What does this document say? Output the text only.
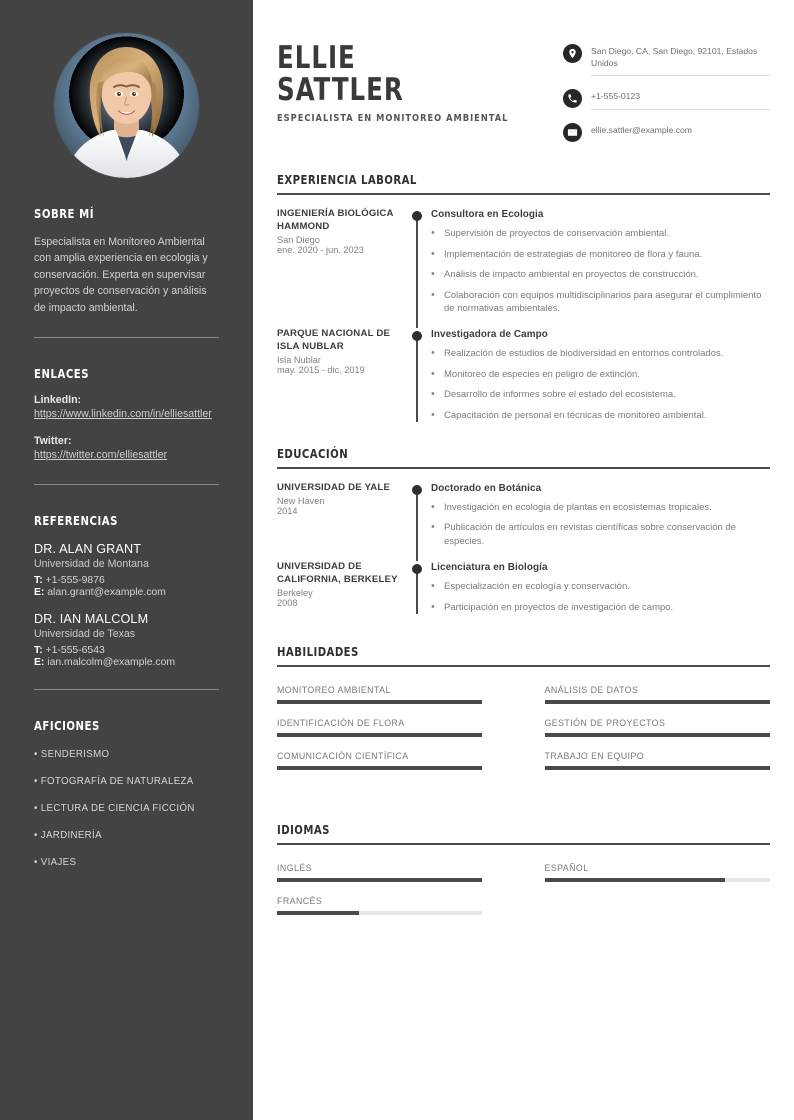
SOBRE MÍ
Especialista en Monitoreo Ambiental con amplia experiencia en ecologia y conservación. Experta en supervisar proyectos de conservación y análisis de impacto ambiental.
ENLACES
LinkedIn:
https://www.linkedin.com/in/elliesattler
Twitter:
https://twitter.com/elliesattler
REFERENCIAS
DR. ALAN GRANT
Universidad de Montana
T: +1-555-9876
E: alan.grant@example.com
DR. IAN MALCOLM
Universidad de Texas
T: +1-555-6543
E: ian.malcolm@example.com
AFICIONES
• SENDERISMO
• FOTOGRAFÍA DE NATURALEZA
• LECTURA DE CIENCIA FICCIÓN
• JARDINERÍA
• VIAJES
ELLIE
SATTLER
ESPECIALISTA EN MONITOREO AMBIENTAL
San Diego, CA, San Diego, 92101, Estados Unidos
+1-555-0123
ellie.sattler@example.com
EXPERIENCIA LABORAL
INGENIERÍA BIOLÓGICA HAMMOND
San Diego
ene. 2020 - jun. 2023
Consultora en Ecologia
• Supervisión de proyectos de conservación ambiental.
• Implementación de estrategias de monitoreo de flora y fauna.
• Análisis de impacto ambiental en proyectos de construcción.
• Colaboración con equipos multidisciplinarios para asegurar el cumplimiento de normativas ambientales.
PARQUE NACIONAL DE ISLA NUBLAR
Isla Nublar
may. 2015 - dic. 2019
Investigadora de Campo
• Realización de estudios de biodiversidad en entornos controlados.
• Monitoreo de especies en peligro de extinción.
• Desarrollo de informes sobre el estado del ecosistema.
• Capacitación de personal en técnicas de monitoreo ambiental.
EDUCACIÓN
UNIVERSIDAD DE YALE
New Haven
2014
Doctorado en Botánica
• Investigación en ecologia de plantas en ecosistemas tropicales.
• Publicación de artículos en revistas científicas sobre conservación de especies.
UNIVERSIDAD DE CALIFORNIA, BERKELEY
Berkeley
2008
Licenciatura en Biología
• Especialización en ecología y conservación.
• Participación en proyectos de investigación de campo.
HABILIDADES
MONITOREO AMBIENTAL	ANÁLISIS DE DATOS
IDENTIFICACIÓN DE FLORA	GESTIÓN DE PROYECTOS
COMUNICACIÓN CIENTÍFICA	TRABAJO EN EQUIPO
IDIOMAS
INGLÉS	ESPAÑOL
FRANCÉS
